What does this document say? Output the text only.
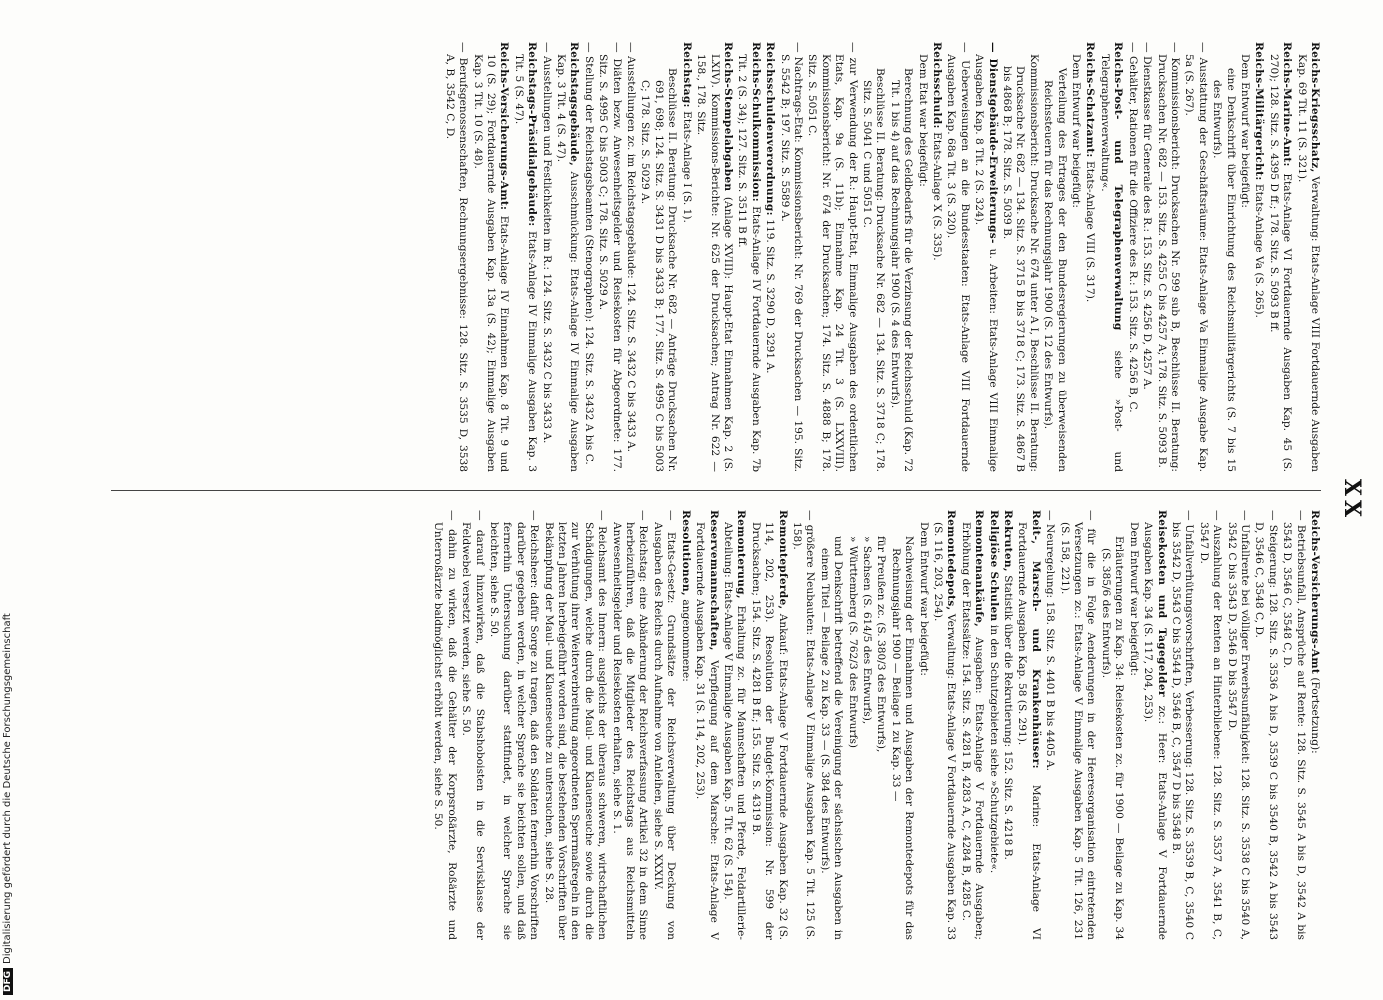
XX
Reichs-Kriegsschatz, Verwaltung: Etats-Anlage VIII Fortdauernde Ausgaben Kap. 69 Tit. 11 (S. 321).
Reichs-Marine-Amt: Etats-Anlage VI Fortdauernde Ausgaben Kap. 45 (S. 270); 128. Sitz. S. 4395 D ff.; 178. Sitz. S. 5093 B ff.
Reichs-Militärgericht: Etats-Anlage Va (S. 265).
Dem Entwurf war beigefügt:
eine Denkschrift über Einrichtung des Reichsmilitärgerichts (S. 7 bis 15 des Entwurfs).
— Ausstattung der Geschäftsräume: Etats-Anlage Va Einmalige Ausgabe Kap. 5a (S. 267).
— Kommissionsbericht: Drucksachen Nr. 599 sub B, Beschlüsse II. Beratung: Drucksachen Nr. 682 — 153. Sitz. S. 4255 C bis 4257 A; 178. Sitz. S. 5093 B.
— Dienstkasse für Generale des R.: 153. Sitz. S. 4256 D, 4257 A.
— Gehälter, Rationen für die Offiziere des R.: 153. Sitz. S. 4256 B, C.
Reichs-Post- und Telegraphenverwaltung siehe »Post- und Telegraphenverwaltung«.
Reichs-Schatzamt: Etats-Anlage VIII (S. 317).
Dem Entwurf war beigefügt:
Verteilung des Ertrages der den Bundesregierungen zu überweisenden Reichssteuern für das Rechnungsjahr 1900 (S. 12 des Entwurfs).
Kommissionsbericht: Drucksache Nr. 674 unter A I, Beschlüsse II. Beratung: Drucksache Nr. 682 — 134. Sitz. S. 3715 B bis 3718 C; 173. Sitz. S. 4867 B bis 4868 B; 178. Sitz. S. 5039 B.
— Dienstgebäude-Erweiterungs- u. Arbeiten: Etats-Anlage VIII Einmalige Ausgaben Kap. 8 Tit. 2 (S. 324).
— Ueberweisungen an die Bundesstaaten: Etats-Anlage VIII Fortdauernde Ausgaben Kap. 68a Tit. 3 (S. 320).
Reichsschuld: Etats-Anlage X (S. 335).
Dem Etat war beigefügt:
Berechnung des Geldbedarfs für die Verzinsung der Reichsschuld (Kap. 72 Tit. 1 bis 4) auf das Rechnungsjahr 1900 (S. 4 des Entwurfs).
Beschlüsse II. Beratung: Drucksache Nr. 682 — 134. Sitz. S. 3718 C; 178. Sitz. S. 5041 C und 5051 C.
— zur Verwendung der R.: Haupt-Etat, Einmalige Ausgaben des ordentlichen Etats, Kap. 9a (S. 11b); Einnahme Kap. 24 Tit. 3 (S. LXXVIII). Kommissionsbericht: Nr. 674 der Drucksachen; 174. Sitz. S. 4888 B; 178. Sitz. S. 5051 C.
— Nachtrags-Etat: Kommissionsbericht: Nr. 769 der Drucksachen — 195. Sitz. S. 5542 B; 197. Sitz. S. 5589 A.
Reichsschuldenverordnung: 119. Sitz. S. 3290 D, 3291 A.
Reichs-Schulkommission: Etats-Anlage IV Fortdauernde Ausgaben Kap. 7b Tit. 2 (S. 34); 127. Sitz. S. 3511 B ff.
Reichs-Stempelabgaben (Anlage XVIII): Haupt-Etat Einnahmen Kap. 2 (S. LXIV). Kommissions-Berichte: Nr. 625 der Drucksachen; Antrag Nr. 622 — 158., 178. Sitz.
Reichstag: Etats-Anlage I (S. 1).
Beschlüsse II. Beratung: Drucksache Nr. 682 — Anträge Drucksachen Nr. 691, 698; 124. Sitz. S. 3431 D bis 3433 B; 177. Sitz. S. 4995 C bis 5003 C; 178. Sitz. S. 5029 A.
— Ausstellungen zc. im Reichstagsgebäude: 124. Sitz. S. 3432 C bis 3433 A.
— Diäten bezw. Anwesenheitsgelder und Reisekosten für Abgeordnete: 177. Sitz. S. 4995 C bis 5003 C; 178. Sitz. S. 5029 A.
— Stellung der Reichstagsbeamten (Stenographen): 124. Sitz. S. 3432 A bis C.
Reichstagsgebäude, Ausschmückung: Etats-Anlage IV Einmalige Ausgaben Kap. 3 Tit. 4 (S. 47).
— Ausstellungen und Festlichkeiten im R.: 124. Sitz. S. 3432 C bis 3433 A.
Reichstags-Präsidialgebäude: Etats-Anlage IV Einmalige Ausgaben Kap. 3 Tit. 5 (S. 47).
Reichs-Versicherungs-Amt: Etats-Anlage IV Einnahmen Kap. 8 Tit. 9 und 10 (S. 29); Fortdauernde Ausgaben Kap. 13a (S. 42); Einmalige Ausgaben Kap. 3 Tit. 10 (S. 48).
— Berufsgenossenschaften, Rechnungsergebnisse: 128. Sitz. S. 3535 D, 3538 A, B, 3542 C, D.
Reichs-Versicherungs-Amt (Fortsetzung):
— Betriebsunfall, Ansprüche auf Rente: 128. Sitz. S. 3545 A bis D, 3542 A bis 3543 D, 3546 C, 3548 C, D.
— Steigerung: 128. Sitz. S. 3536 A bis D, 3539 C bis 3540 B, 3542 A bis 3543 D, 3546 C, 3548 C, D.
— Unfallrente bei völliger Erwerbsunfähigkeit: 128. Sitz. S. 3538 C bis 3540 A, 3542 C bis 3543 D, 3546 D bis 3547 D.
— Auszahlung der Renten an Hinterbliebene: 128. Sitz. S. 3537 A, 3541 B, C, 3547 D.
— Unfallverhütungsvorschriften, Verbesserung: 128. Sitz. S. 3539 B, C, 3540 C bis 3542 D, 3543 C bis 3544 D, 3546 B, C, 3547 D bis 3548 B.
Reisekosten und Tagegelder zc.: Heer: Etats-Anlage V Fortdauernde Ausgaben Kap. 34 (S. 117, 204, 253).
Dem Entwurf war beigefügt:
Erläuterungen zu Kap. 34: Reisekosten zc. für 1900 — Beilage zu Kap. 34 (S. 385/6 des Entwurfs).
— für die in Folge Aenderungen in der Heeresorganisation eintretenden Versetzungen zc.: Etats-Anlage V Einmalige Ausgaben Kap. 5 Tit. 126, 231 (S. 158, 221).
— Neuregelung: 158. Sitz. S. 4401 B bis 4405 A.
Reit-, Marsch- und Krankenhäuser: Marine: Etats-Anlage VI Fortdauernde Ausgaben Kap. 58 (S. 291).
Rekruten, Statistik über die Rekrutierung: 152. Sitz. S. 4218 B.
Religiöse Schulen in den Schutzgebieten siehe »Schutzgebiete«.
Remontenankäufe, Ausgaben: Etats-Anlage V Fortdauernde Ausgaben; Erhöhung der Etatssätze: 154. Sitz. S. 4281 B, 4283 A, C, 4284 B, 4285 C.
Remontedepots, Verwaltung: Etats-Anlage V Fortdauernde Ausgaben Kap. 33 (S. 116, 203, 254).
Dem Entwurf war beigefügt:
Nachweisung der Einnahmen und Ausgaben der Remontedepots für das Rechnungsjahr 1900 — Beilage 1 zu Kap. 33 —
für Preußen zc. (S. 380/3 des Entwurfs),
» Sachsen (S. 614/5 des Entwurfs),
» Württemberg (S. 762/3 des Entwurfs)
und Denkschrift betreffend die Vereinigung der sächsischen Ausgaben in einem Titel — Beilage 2 zu Kap. 33 — (S. 384 des Entwurfs).
— größere Neubauten: Etats-Anlage V Einmalige Ausgaben Kap. 5 Tit. 125 (S. 158).
Remontepferde, Ankauf: Etats-Anlage V Fortdauernde Ausgaben Kap. 32 (S. 114, 202, 253). Resolution der Budget-Kommission: Nr. 599 der Drucksachen; 154. Sitz. S. 4281 B ff.; 155. Sitz. S. 4319 B.
Remonteruug, Erhaltung zc. für Mannschaften und Pferde, Feldartillerie-Abteilung: Etats-Anlage V Einmalige Ausgaben Kap. 5 Tit. 62 (S. 154).
Reservemannschaften, Verpflegung auf dem Marsche: Etats-Anlage V Fortdauernde Ausgaben Kap. 31 (S. 114, 202, 253).
Resolutionen, angenommene:
— Etats-Gesetz: Grundsätze der Reichsverwaltung über Deckung von Ausgaben des Reichs durch Aufnahme von Anleihen, siehe S. XXXIV.
— Reichstag: eine Abänderung der Reichsverfassung Artikel 32 in dem Sinne herbeizuführen, daß die Mitglieder des Reichstags aus Reichsmitteln Anwesenheitsgelder und Reisekosten erhalten, siehe S. 1.
— Reichsamt des Innern: ausgleichs der überaus schweren, wirtschaftlichen Schädigungen, welche durch die Maul- und Klauenseuche sowie durch die zur Verhütung ihrer Weiterverbreitung angeordneten Sperrmaßregeln in den letzten Jahren herbeigeführt worden sind, die bestehenden Vorschriften über Bekämpfung der Maul- und Klauenseuche zu untersuchen, siehe S. 28.
— Reichsheer: dafür Sorge zu tragen, daß den Soldaten fernerhin Vorschriften darüber gegeben werden, in welcher Sprache sie beichten sollen, und daß fernerhin Untersuchung darüber stattfindet, in welcher Sprache sie beichten, siehe S. 50.
— darauf hinzuwirken, daß die Stabshoboisten in die Servisklasse der Feldwebel versetzt werden, siehe S. 50.
— dahin zu wirken, daß die Gehälter der Korpsroßärzte, Roßärzte und Unterroßärzte baldmöglichst erhöht werden, siehe S. 50.
DFGDigitalisierung gefördert durch die Deutsche Forschungsgemeinschaft
